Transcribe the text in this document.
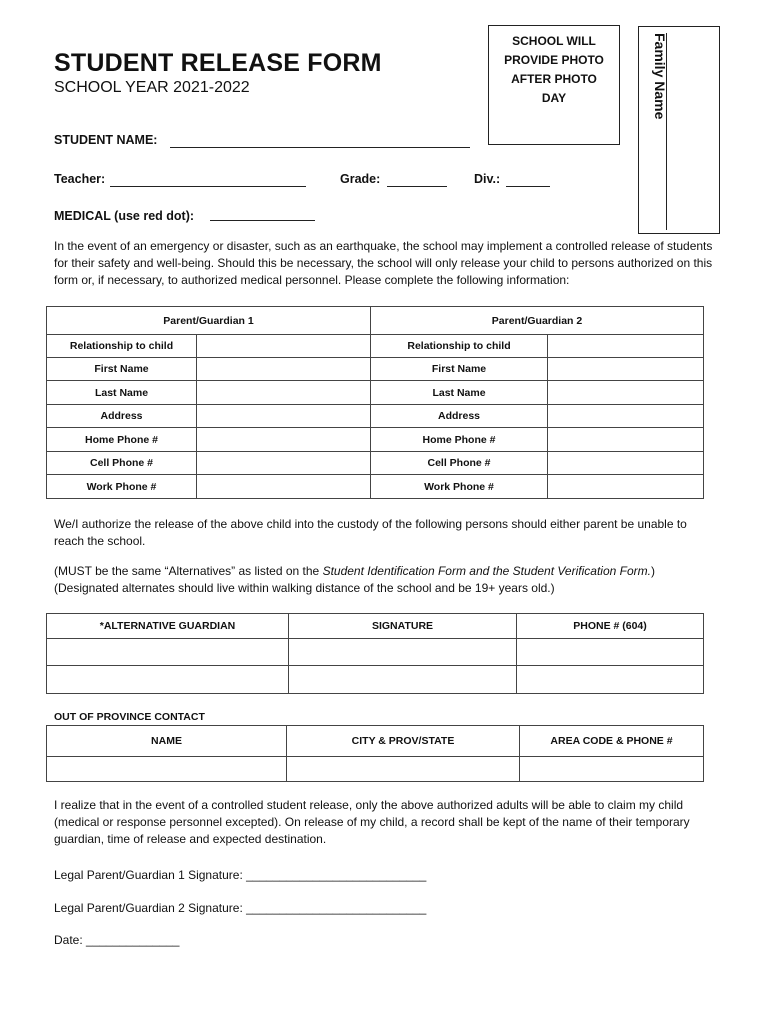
STUDENT RELEASE FORM
SCHOOL YEAR 2021-2022
SCHOOL WILL
PROVIDE PHOTO
AFTER PHOTO
DAY	Family Name
STUDENT NAME:
Teacher:	Grade:	Div.:
MEDICAL (use red dot):
In the event of an emergency or disaster, such as an earthquake, the school may implement a controlled release of students for their safety and well-being. Should this be necessary, the school will only release your child to persons authorized on this form or, if necessary, to authorized medical personnel. Please complete the following information:
Parent/Guardian 1		Parent/Guardian 2	
Relationship to child		Relationship to child	
First Name		First Name	
Last Name		Last Name	
Address		Address	
Home Phone #		Home Phone #	
Cell Phone #		Cell Phone #	
Work Phone #		Work Phone #	
We/I authorize the release of the above child into the custody of the following persons should either parent be unable to reach the school.
(MUST be the same “Alternatives” as listed on the Student Identification Form and the Student Verification Form.)
(Designated alternates should live within walking distance of the school and be 19+ years old.)
*ALTERNATIVE GUARDIAN	SIGNATURE	PHONE # (604)

OUT OF PROVINCE CONTACT
NAME	CITY & PROV/STATE	AREA CODE & PHONE #

I realize that in the event of a controlled student release, only the above authorized adults will be able to claim my child (medical or response personnel excepted). On release of my child, a record shall be kept of the name of their temporary guardian, time of release and expected destination.
Legal Parent/Guardian 1 Signature: ___________________________
Legal Parent/Guardian 2 Signature: ___________________________
Date: ______________
